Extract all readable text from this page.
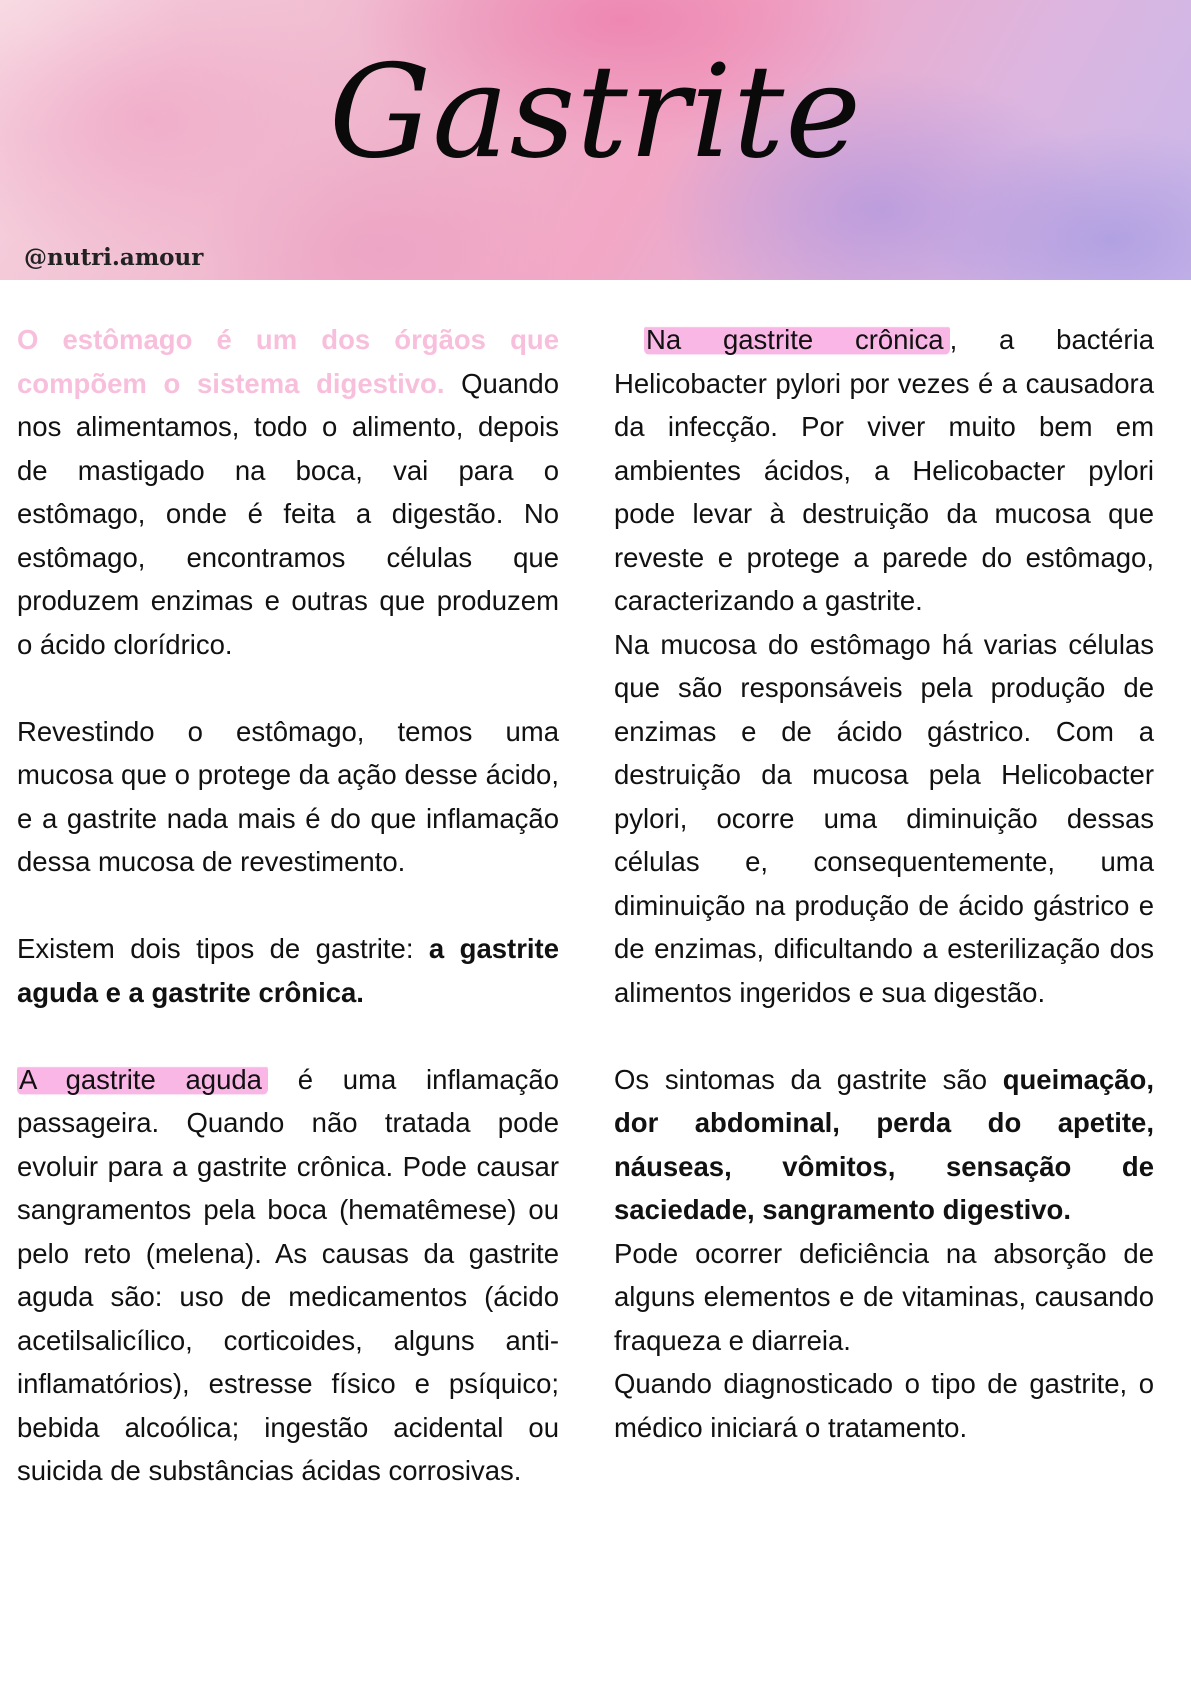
Gastrite
@nutri.amour

O estômago é um dos órgãos que compõem o sistema digestivo. Quando nos alimentamos, todo o alimento, depois de mastigado na boca, vai para o estômago, onde é feita a digestão. No estômago, encontramos células que produzem enzimas e outras que produzem o ácido clorídrico.

Revestindo o estômago, temos uma mucosa que o protege da ação desse ácido, e a gastrite nada mais é do que inflamação dessa mucosa de revestimento.

Existem dois tipos de gastrite: a gastrite aguda e a gastrite crônica.

A gastrite aguda é uma inflamação passageira. Quando não tratada pode evoluir para a gastrite crônica. Pode causar sangramentos pela boca (hematêmese) ou pelo reto (melena). As causas da gastrite aguda são: uso de medicamentos (ácido acetilsalicílico, corticoides, alguns anti-inflamatórios), estresse físico e psíquico; bebida alcoólica; ingestão acidental ou suicida de substâncias ácidas corrosivas.

Na gastrite crônica , a bactéria Helicobacter pylori por vezes é a causadora da infecção. Por viver muito bem em ambientes ácidos, a Helicobacter pylori pode levar à destruição da mucosa que reveste e protege a parede do estômago, caracterizando a gastrite.

Na mucosa do estômago há varias células que são responsáveis pela produção de enzimas e de ácido gástrico. Com a destruição da mucosa pela Helicobacter pylori, ocorre uma diminuição dessas células e, consequentemente, uma diminuição na produção de ácido gástrico e de enzimas, dificultando a esterilização dos alimentos ingeridos e sua digestão.

Os sintomas da gastrite são queimação, dor abdominal, perda do apetite, náuseas, vômitos, sensação de saciedade, sangramento digestivo.

Pode ocorrer deficiência na absorção de alguns elementos e de vitaminas, causando fraqueza e diarreia.

Quando diagnosticado o tipo de gastrite, o médico iniciará o tratamento.
